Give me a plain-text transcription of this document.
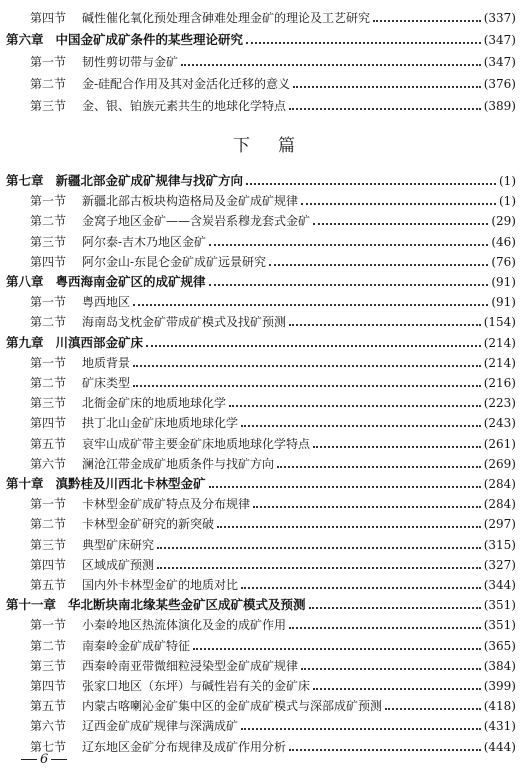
第四节	碱性催化氧化预处理含砷难处理金矿的理论及工艺研究	(337)
第六章 中国金矿成矿条件的某些理论研究	(347)
第一节	韧性剪切带与金矿	(347)
第二节	金-硅配合作用及其对金活化迁移的意义	(376)
第三节	金、银、铂族元素共生的地球化学特点	(389)
第七章 新疆北部金矿成矿规律与找矿方向	(1)
第一节	新疆北部古板块构造格局及金矿成矿规律	(1)
第二节	金窝子地区金矿——含炭岩系穆龙套式金矿	(29)
第三节	阿尔泰-吉木乃地区金矿	(46)
第四节	阿尔金山-东昆仑金矿成矿远景研究	(76)
第八章 粤西海南金矿区的成矿规律	(91)
第一节	粤西地区	(91)
第二节	海南岛戈枕金矿带成矿模式及找矿预测	(154)
第九章 川滇西部金矿床	(214)
第一节	地质背景	(214)
第二节	矿床类型	(216)
第三节	北衙金矿床的地质地球化学	(223)
第四节	拱丁北山金矿床地质地球化学	(243)
第五节	哀牢山成矿带主要金矿床地质地球化学特点	(261)
第六节	澜沧江带金成矿地质条件与找矿方向	(269)
第十章 滇黔桂及川西北卡林型金矿	(284)
第一节	卡林型金矿成矿特点及分布规律	(284)
第二节	卡林型金矿研究的新突破	(297)
第三节	典型矿床研究	(315)
第四节	区域成矿预测	(327)
第五节	国内外卡林型金矿的地质对比	(344)
第十一章 华北断块南北缘某些金矿区成矿模式及预测	(351)
第一节	小秦岭地区热流体演化及金的成矿作用	(351)
第二节	南秦岭金矿成矿特征	(365)
第三节	西秦岭南亚带微细粒浸染型金矿成矿规律	(384)
第四节	张家口地区（东坪）与碱性岩有关的金矿床	(399)
第五节	内蒙古喀喇沁金矿集中区的金矿成矿模式与深部成矿预测	(418)
第六节	辽西金矿成矿规律与深满成矿	(431)
第七节	辽东地区金矿分布规律及成矿作用分析	(444)
下篇
6
